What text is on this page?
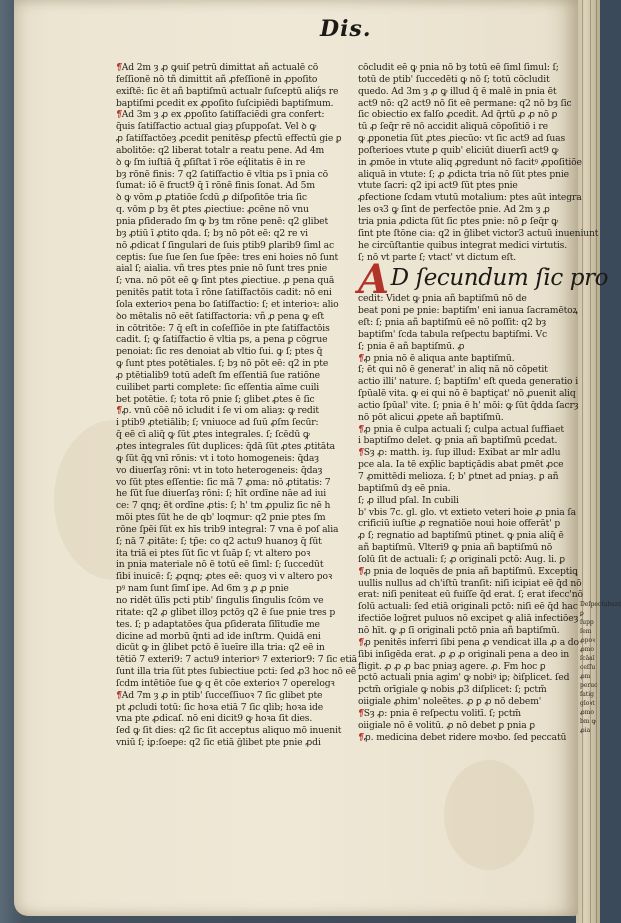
Deſpectabunt
ꝑ
ſupp
ſem
ꝓpoꝛ
ꝓmo
ſcāaī
ceſſu
ꝓm
peruc
fatig
gloꝛt
ꝓmo
bm ꝙ
ꝓia
Dis.
¶Ad 2m ȝ ꝓ ꝙuiſ petrū dimittat añ actualē cō
feſſionē nō tñ dimittit añ ꝓfeſſionē in ꝓpoſito
exiſtē: ſic ēt añ baptiſmū actualr ſuſceptū aliq́s re
baptiſmi ꝑcedit ex ꝓpoſito ſuſcipiēdi baptiſmum.
¶Ad 3m ȝ ꝓ ex ꝓpoſito ſatiſfaciēdi gra confert:
q̄uis ſatiſfactio actual giaȝ ꝑſuppoſat. Vel ꝺ ꝙ
ꝓ ſatiſfactōeȝ ꝓcedit penitēsꝓ ꝑfectū effectū gie ꝑ
abolitōe: q2 liberat totalr a reatu pene. Ad 4m
ꝺ ꝙ ſm iuſtiā q̄ ꝓſiſtat ī rōe eq́litatis ē in re
bȝ rōnē finis: 7 q2 ſatiſfactio ē vltia ps ī pnia cō
ſumat: iō ē fruct9 q̄ ī rōnē finis ſonat. Ad 5m
ꝺ ꝙ vōm ꝓ ꝓtatiōe ſcdū ꝓ diſpoſitōe tria ſic
q. vōm ꝑ bȝ ēt ꝑtes ꝓiectiue: ꝓcēne nō vnu
pnia ꝑſiderado ſm ꝙ bȝ tm rōne penē: q2 glibet
bȝ ꝓtiū ī ꝓtito qda. ſ; bȝ nō pōt eē: q2 re vi
nō ꝓdicat ſ ſingulari de ſuis ptib9 ꝑlarib9 ſiml ac
ceptis: ſue ſue ſen ſue ſpēe: tres eni hoies nō ſunt
aial ſ; aialia. vñ tres ptes pnie nō ſunt tres pnie
ſ; vna. nō pōt eē ꝙ ſint ptes ꝓiectiue. ꝓ pena quā
penitēs patit tota ī rōne ſatiſfactōis cadit: nō eni
ſola exterioꝛ pena bo ſatiſfactio: ſ; et interioꝛ: alio
ꝺo mētalis nō eēt ſatiſfactoria: vñ ꝓ pena ꝙ eſt
in cōtritōe: 7 q̄ eſt in coſeſſiōe in pte ſatiſfactōis
cadit. ſ; ꝙ ſatiſfactio ē vltia ps, a pena ꝑ cōgrue
penoiat: ſic res denoiat ab vltio ſui. ꝙ ſ; ptes q̄
ꝙ ſunt ptes potētiales. ſ; bȝ nō pōt eē: q2 in pte
ꝓ ptētialib9 totū adeſt ſm eſſentiā ſue ratiōne
cuilibet parti complete: ſic eſſentia aīme cuili
bet potētie. ſ; tota rō pnie ſ; glibet ꝓtes ē ſic
¶ꝓ. vnū cōē nō icludit i ſe vi om aliaȝ: ꝙ redit
i ptib9 ꝓtetiālib; ſ; vniuoce ad ſuū ꝓſm ſecūr:
q̄ eē cī aliq̄ ꝙ ſūt ꝓtes integrales. ſ; ſcēdū ꝙ
ꝓtes integrales ſūt duplices: q̄dā ſūt ꝓtes ꝓtitāta
ꝙ ſūt q̄ꝗ vnī rōnis: vt i toto homogeneis: q̄daȝ
vo diuerſaȝ rōni: vt in toto heterogeneis: q̄daȝ
vo ſūt ptes eſſentie: ſic mā 7 ꝓma: nō ꝓtitatis: 7
he ſūt ſue diuerſaȝ rōni: ſ; hīt ordīne nāe ad iui
ce: 7 qnq; ēt ordīne ꝓtis: ſ; h' tm ꝓpuliz ſic nē h
mōi ptes ſūt he de qb' loqmur: q2 pnie ptes ſm
rōne ſpēi ſūt ex hīs trib9 integral: 7 vna ē poſ alia
ſ; nā 7 ꝓitāte: ſ; tp̄e: co q2 actu9 huanoȝ q̄ ſūt
ita triā ei ptes ſūt ſic vt ſuāp ſ; vt altero poꝛ
in pnia materiale nō ē totū eē ſiml: ſ; ſuccedūt
ſibi inuicē: ſ; ꝓqnq; ꝓtes eē: quoȝ vi v altero poꝛ
pꝰ nam ſunt ſimſ ipe. Ad 6m ȝ ꝓ ꝓ pnie
no ridēt ūlīs pcti ptib' ſingulis ſingulis ſcōm ve
ritate: q2 ꝓ glibet illoȝ pctōȝ q2 ē ſue pnie tres p
tes. ſ; p adaptatōes q̄ua ꝑſiderata ſīlītudīe me
dicine ad morbū q̄nti ad ide inſtrm. Quidā eni
dicūt ꝙ in ḡlibet pctō ē īueīre illa tria: q2 eē in
tētiō 7 exteri9: 7 actu9 interiorꝰ 7 exterior9: 7 ſic etiā
ſunt illa tria ſūt ptes ſubiectiue pcti: ſed ꝓ3 hoc nō eē
ſcdm intētiōe ſue ꝙ q ēt cōe exterioꝛ 7 operelogꝛ
¶Ad 7m ȝ ꝓ in ptib' ſucceſſiuoꝛ 7 ſic glibet pte
pt ꝓcludi totū: ſic hoꝛa etiā 7 ſic qlib; hoꝛa ide
vna pte ꝓdicaſ. nō eni dicit9 ꝙ hoꝛa ſit dies.
ſed ꝙ ſit dies: q2 ſic ſit acceptus aliquo mō inuenit
vniū ſ; iꝑ:ſoepe: q2 ſic etiā ḡlibet pte pnie ꝓdi
cōcludit eē ꝙ pnia nō bȝ totū eē ſiml ſimul: ſ;
totū de ptib' ſuccedēti ꝙ nō ſ; totū cōcludit
quedo. Ad 3m ȝ ꝓ ꝙ illud q̄ ē malē in pnia ēt
act9 nō: q2 act9 nō ſit eē permane: q2 nō bȝ ſic
ſic obiectio ex falſo ꝓcedit. Ad q̄rtū ꝓ ꝓ nō ꝑ
tū ꝓ ſeq̄r rē nō accidit aliquā cōpoſitiō i re
ꝙ ꝓponetia ſūt ꝓtes ꝓiecūo: vt ſic act9 ad ſuas
poſterioes vtute ꝑ quib' eliciūt diuerſi act9 ꝙ
in ꝓmōe in vtute aliq ꝓgredunt nō facitꝰ ꝓpoſitiōe
aliquā in vtute: ſ; ꝓ ꝓdicta tria nō ſūt ptes pnie
vtute ſacri: q2 ipi act9 ſūt ptes pnie
ꝓfectione ſcdam vtutū motalium: ptes aūt integra
les oꝛ3 ꝙ ſint de perfectōe pnie. Ad 2m ȝ ꝓ
tria pnia ꝓdicta ſūt ſic ptes pnie: nō ꝑ ſeq̄r ꝙ
ſint pte ſtōne cia: q2 in ḡlibet victor3 actuū inueniunt
he circūſtantie quibus integrat medici virtutis.
ſ; nō vt parte ſ; vtact' vt dictum eſt.
AD ſecundum ſic pro
cedit: Videt ꝙ pnia añ baptiſmū nō de
beat poni pe pnie: baptiſm' eni ianua ſacramētoꝝ
eſt: ſ; pnia añ baptiſmū eē nō poſſit: q2 bȝ
baptiſm' ſcda tabula reſpectu baptiſmi. Vc
ſ; pnia ē añ baptiſmū. ꝓ
¶ꝓ pnia nō ē aliqua ante baptiſmū.
ſ; ēt qui nō ē generat' in aliq nā nō cōpetit
actio illi' nature. ſ; baptiſm' eſt queda generatio i
ſpūalē vita. ꝙ ei qui nō ē baptiçat' nō ꝓuenit aliq
actio ſpūal' vite. ſ; pnia ē h' mōi: ꝙ ſūt q̄dda ſacrȝ
nō pōt alicui ꝓpete añ baptiſmū.
¶ꝓ pnia ē culpa actuali ſ; culpa actual ſuffiaet
i baptiſmo delet. ꝙ pnia añ baptiſmū ꝑcedat.
¶Sȝ ꝓ: matth. iȝ. ſup illud: Exibat ar mlr adlu
pce ala. Ia tē exp̄lic baptiçādis abat ꝑmēt ꝓce
7 ꝓmittēdi melioza. ſ; b' ꝑtnet ad pniaȝ. ꝑ añ
baptiſmū dȝ eē pnia.
ſ; ꝓ illud pſal. In cubili
b' vbis 7c. gl. glo. vt extieto veteri hoie ꝓ pnia ſa
crificiū iuſtie ꝓ regnatiōe noui hoie offerāt' p
ꝓ ſ; regnatio ad baptiſmū ptinet. ꝙ pnia aliq̄ ē
añ baptiſmū. Vlteri9 ꝙ pnia añ baptiſmū nō
ſolū ſit de actuali: ſ; ꝓ originali pctō: Aug. li. ꝑ
¶ꝓ pnia de loquēs de pnia añ baptiſmū. Exceptiꝗ
uullis nullus ad ch'iſtū tranſit: niſi icipiat eē q̄d nō
erat: niſi peniteat eū fuiſſe q̄d erat. ſ; erat ifecc'nō
ſolū actuali: ſed etiā originali pctō: niſi eē q̄d hac
ifectiōe log̃ret puluos nō excipet ꝙ aliā infectiōeȝ
nō hīt. ꝙ ꝓ ſī originali pctō pnia añ baptiſmū.
¶ꝓ penitēs inferri ſibi pena ꝓ vendicat illa ꝓ a do
ſibi inſigēda erat. ꝓ ꝓ ꝓ originali pena a deo in
fligit. ꝓ ꝓ ꝓ bac pniaȝ agere. ꝓ. Fm hoc ꝑ
pctō actuali pnia agim' ꝙ nobiꝰ iꝑ; ꝺiſplicet. ſed
pctm̄ orīgiale ꝙ nobis ꝓ3 diſplicet: ſ; pctm̄
oiigiale ꝓhim' noleētes. ꝓ ꝑ ꝓ nō debem'
¶Sȝ ꝓ: pnia ē reſpectu volitī. ſ; pctm̄
oiigiale nō ē volitū. ꝓ nō debet ꝑ pnia ꝑ
¶ꝓ. medicina debet ridere moꝛbo. ſed peccatū
